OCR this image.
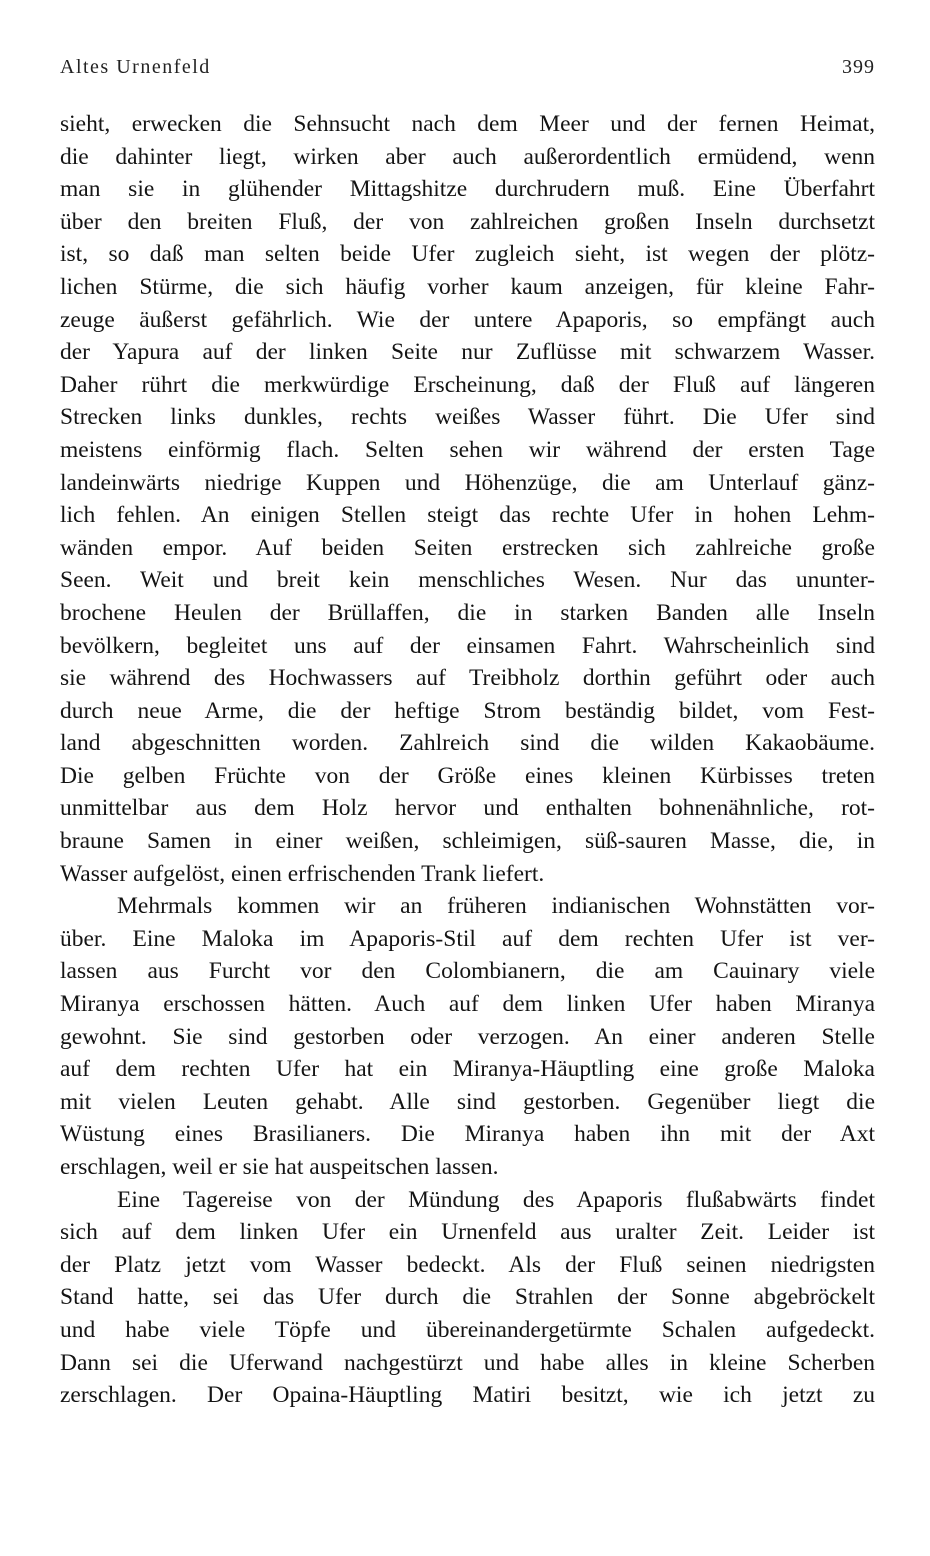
Altes Urnenfeld	399
sieht, erwecken die Sehnsucht nach dem Meer und der fernen Heimat,
die dahinter liegt, wirken aber auch außerordentlich ermüdend, wenn
man sie in glühender Mittagshitze durchrudern muß. Eine Überfahrt
über den breiten Fluß, der von zahlreichen großen Inseln durchsetzt
ist, so daß man selten beide Ufer zugleich sieht, ist wegen der plötz-
lichen Stürme, die sich häufig vorher kaum anzeigen, für kleine Fahr-
zeuge äußerst gefährlich. Wie der untere Apaporis, so empfängt auch
der Yapura auf der linken Seite nur Zuflüsse mit schwarzem Wasser.
Daher rührt die merkwürdige Erscheinung, daß der Fluß auf längeren
Strecken links dunkles, rechts weißes Wasser führt. Die Ufer sind
meistens einförmig flach. Selten sehen wir während der ersten Tage
landeinwärts niedrige Kuppen und Höhenzüge, die am Unterlauf gänz-
lich fehlen. An einigen Stellen steigt das rechte Ufer in hohen Lehm-
wänden empor. Auf beiden Seiten erstrecken sich zahlreiche große
Seen. Weit und breit kein menschliches Wesen. Nur das ununter-
brochene Heulen der Brüllaffen, die in starken Banden alle Inseln
bevölkern, begleitet uns auf der einsamen Fahrt. Wahrscheinlich sind
sie während des Hochwassers auf Treibholz dorthin geführt oder auch
durch neue Arme, die der heftige Strom beständig bildet, vom Fest-
land abgeschnitten worden. Zahlreich sind die wilden Kakaobäume.
Die gelben Früchte von der Größe eines kleinen Kürbisses treten
unmittelbar aus dem Holz hervor und enthalten bohnenähnliche, rot-
braune Samen in einer weißen, schleimigen, süß-sauren Masse, die, in
Wasser aufgelöst, einen erfrischenden Trank liefert.
Mehrmals kommen wir an früheren indianischen Wohnstätten vor-
über. Eine Maloka im Apaporis-Stil auf dem rechten Ufer ist ver-
lassen aus Furcht vor den Colombianern, die am Cauinary viele
Miranya erschossen hätten. Auch auf dem linken Ufer haben Miranya
gewohnt. Sie sind gestorben oder verzogen. An einer anderen Stelle
auf dem rechten Ufer hat ein Miranya-Häuptling eine große Maloka
mit vielen Leuten gehabt. Alle sind gestorben. Gegenüber liegt die
Wüstung eines Brasilianers. Die Miranya haben ihn mit der Axt
erschlagen, weil er sie hat auspeitschen lassen.
Eine Tagereise von der Mündung des Apaporis flußabwärts findet
sich auf dem linken Ufer ein Urnenfeld aus uralter Zeit. Leider ist
der Platz jetzt vom Wasser bedeckt. Als der Fluß seinen niedrigsten
Stand hatte, sei das Ufer durch die Strahlen der Sonne abgebröckelt
und habe viele Töpfe und übereinandergetürmte Schalen aufgedeckt.
Dann sei die Uferwand nachgestürzt und habe alles in kleine Scherben
zerschlagen. Der Opaina-Häuptling Matiri besitzt, wie ich jetzt zu
